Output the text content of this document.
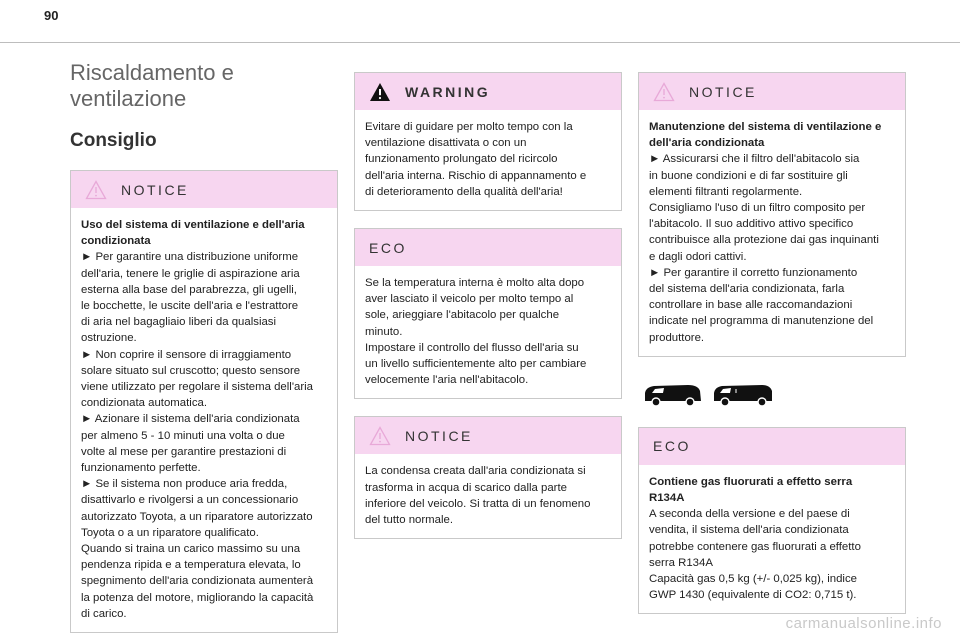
90
Riscaldamento e
ventilazione
Consiglio
NOTICE

Uso del sistema di ventilazione e dell'aria

condizionata

► Per garantire una distribuzione uniforme

dell'aria, tenere le griglie di aspirazione aria

esterna alla base del parabrezza, gli ugelli,

le bocchette, le uscite dell'aria e l'estrattore

di aria nel bagagliaio liberi da qualsiasi

ostruzione.

► Non coprire il sensore di irraggiamento

solare situato sul cruscotto; questo sensore

viene utilizzato per regolare il sistema dell'aria

condizionata automatica.

► Azionare il sistema dell'aria condizionata

per almeno 5 - 10 minuti una volta o due

volte al mese per garantire prestazioni di

funzionamento perfette.

► Se il sistema non produce aria fredda,

disattivarlo e rivolgersi a un concessionario

autorizzato Toyota, a un riparatore autorizzato

Toyota o a un riparatore qualificato.

Quando si traina un carico massimo su una

pendenza ripida e a temperatura elevata, lo

spegnimento dell'aria condizionata aumenterà

la potenza del motore, migliorando la capacità

di carico.

WARNING

Evitare di guidare per molto tempo con la

ventilazione disattivata o con un

funzionamento prolungato del ricircolo

dell'aria interna. Rischio di appannamento e

di deterioramento della qualità dell'aria!

ECO

Se la temperatura interna è molto alta dopo

aver lasciato il veicolo per molto tempo al

sole, arieggiare l'abitacolo per qualche

minuto.

Impostare il controllo del flusso dell'aria su

un livello sufficientemente alto per cambiare

velocemente l'aria nell'abitacolo.

NOTICE

La condensa creata dall'aria condizionata si

trasforma in acqua di scarico dalla parte

inferiore del veicolo. Si tratta di un fenomeno

del tutto normale.

NOTICE

Manutenzione del sistema di ventilazione e

dell'aria condizionata

► Assicurarsi che il filtro dell'abitacolo sia

in buone condizioni e di far sostituire gli

elementi filtranti regolarmente.

Consigliamo l'uso di un filtro composito per

l'abitacolo. Il suo additivo attivo specifico

contribuisce alla protezione dai gas inquinanti

e dagli odori cattivi.

► Per garantire il corretto funzionamento

del sistema dell'aria condizionata, farla

controllare in base alle raccomandazioni

indicate nel programma di manutenzione del

produttore.

ECO

Contiene gas fluorurati a effetto serra

R134A

A seconda della versione e del paese di

vendita, il sistema dell'aria condizionata

potrebbe contenere gas fluorurati a effetto

serra R134A

Capacità gas 0,5 kg (+/- 0,025 kg), indice

GWP 1430 (equivalente di CO2: 0,715 t).

carmanualsonline.info
